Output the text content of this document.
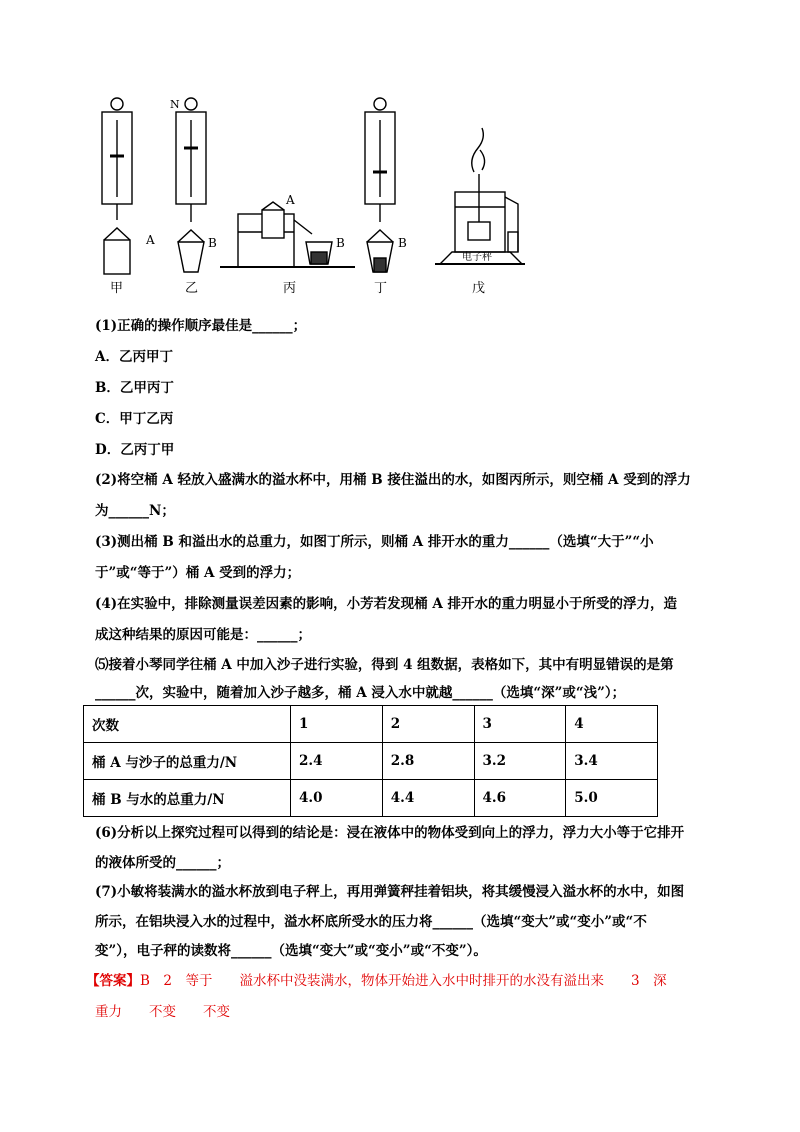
N
A	B
A
B	B
电子秤
甲	乙	丙	丁	戊
(1)正确的操作顺序最佳是______；
A．乙丙甲丁
B．乙甲丙丁
C．甲丁乙丙
D．乙丙丁甲
(2)将空桶 A 轻放入盛满水的溢水杯中，用桶 B 接住溢出的水，如图丙所示，则空桶 A 受到的浮力
为______N；
(3)测出桶 B 和溢出水的总重力，如图丁所示，则桶 A 排开水的重力______（选填“大于”“小
于”或“等于”）桶 A 受到的浮力；
(4)在实验中，排除测量误差因素的影响，小芳若发现桶 A 排开水的重力明显小于所受的浮力，造
成这种结果的原因可能是：______；
⑸接着小琴同学往桶 A 中加入沙子进行实验，得到 4 组数据，表格如下，其中有明显错误的是第
______次，实验中，随着加入沙子越多，桶 A 浸入水中就越______（选填“深”或“浅”）；
次数	1	2	3	4
桶 A 与沙子的总重力/N	2.4	2.8	3.2	3.4
桶 B 与水的总重力/N	4.0	4.4	4.6	5.0
(6)分析以上探究过程可以得到的结论是：浸在液体中的物体受到向上的浮力，浮力大小等于它排开
的液体所受的______；
(7)小敏将装满水的溢水杯放到电子秤上，再用弹簧秤挂着铝块，将其缓慢浸入溢水杯的水中，如图
所示，在铝块浸入水的过程中，溢水杯底所受水的压力将______（选填“变大”或“变小”或“不
变”），电子秤的读数将______（选填“变大”或“变小”或“不变”）。
【答案】B　2　等于　　溢水杯中没装满水，物体开始进入水中时排开的水没有溢出来　　3　深
重力　　不变　　不变
